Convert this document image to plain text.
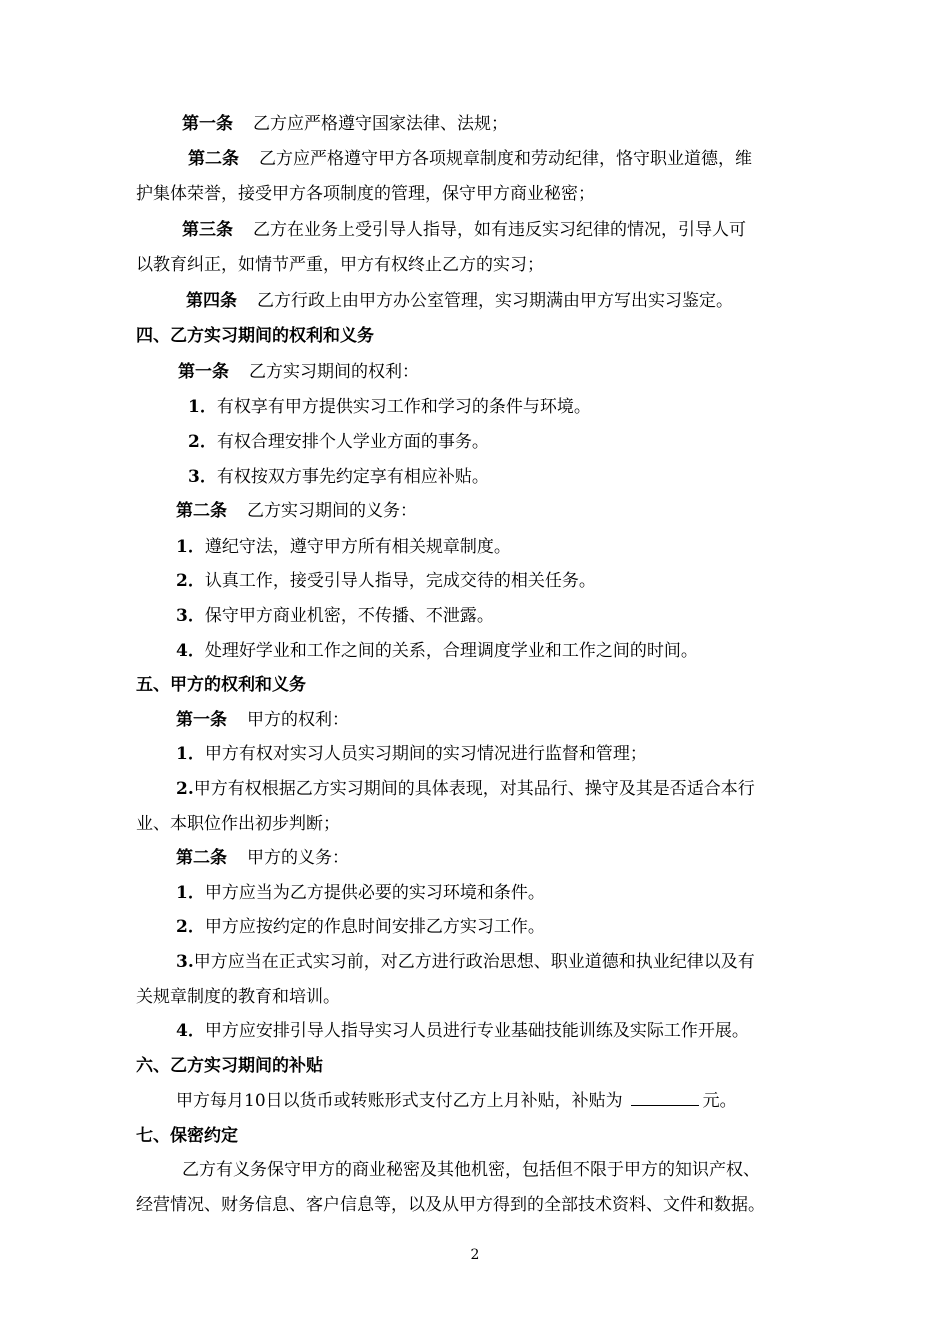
第一条 乙方应严格遵守国家法律、法规；
第二条 乙方应严格遵守甲方各项规章制度和劳动纪律，恪守职业道德，维
护集体荣誉，接受甲方各项制度的管理，保守甲方商业秘密；
第三条 乙方在业务上受引导人指导，如有违反实习纪律的情况，引导人可
以教育纠正，如情节严重，甲方有权终止乙方的实习；
第四条 乙方行政上由甲方办公室管理，实习期满由甲方写出实习鉴定。
四、乙方实习期间的权利和义务
第一条 乙方实习期间的权利：
1．有权享有甲方提供实习工作和学习的条件与环境。
2．有权合理安排个人学业方面的事务。
3．有权按双方事先约定享有相应补贴。
第二条 乙方实习期间的义务：
1．遵纪守法，遵守甲方所有相关规章制度。
2．认真工作，接受引导人指导，完成交待的相关任务。
3．保守甲方商业机密，不传播、不泄露。
4．处理好学业和工作之间的关系，合理调度学业和工作之间的时间。
五、甲方的权利和义务
第一条 甲方的权利：
1．甲方有权对实习人员实习期间的实习情况进行监督和管理；
2.甲方有权根据乙方实习期间的具体表现，对其品行、操守及其是否适合本行
业、本职位作出初步判断；
第二条 甲方的义务：
1．甲方应当为乙方提供必要的实习环境和条件。
2．甲方应按约定的作息时间安排乙方实习工作。
3.甲方应当在正式实习前，对乙方进行政治思想、职业道德和执业纪律以及有
关规章制度的教育和培训。
4．甲方应安排引导人指导实习人员进行专业基础技能训练及实际工作开展。
六、乙方实习期间的补贴
甲方每月10日以货币或转账形式支付乙方上月补贴，补贴为	元。
七、保密约定
乙方有义务保守甲方的商业秘密及其他机密，包括但不限于甲方的知识产权、
经营情况、财务信息、客户信息等，以及从甲方得到的全部技术资料、文件和数据。
2
